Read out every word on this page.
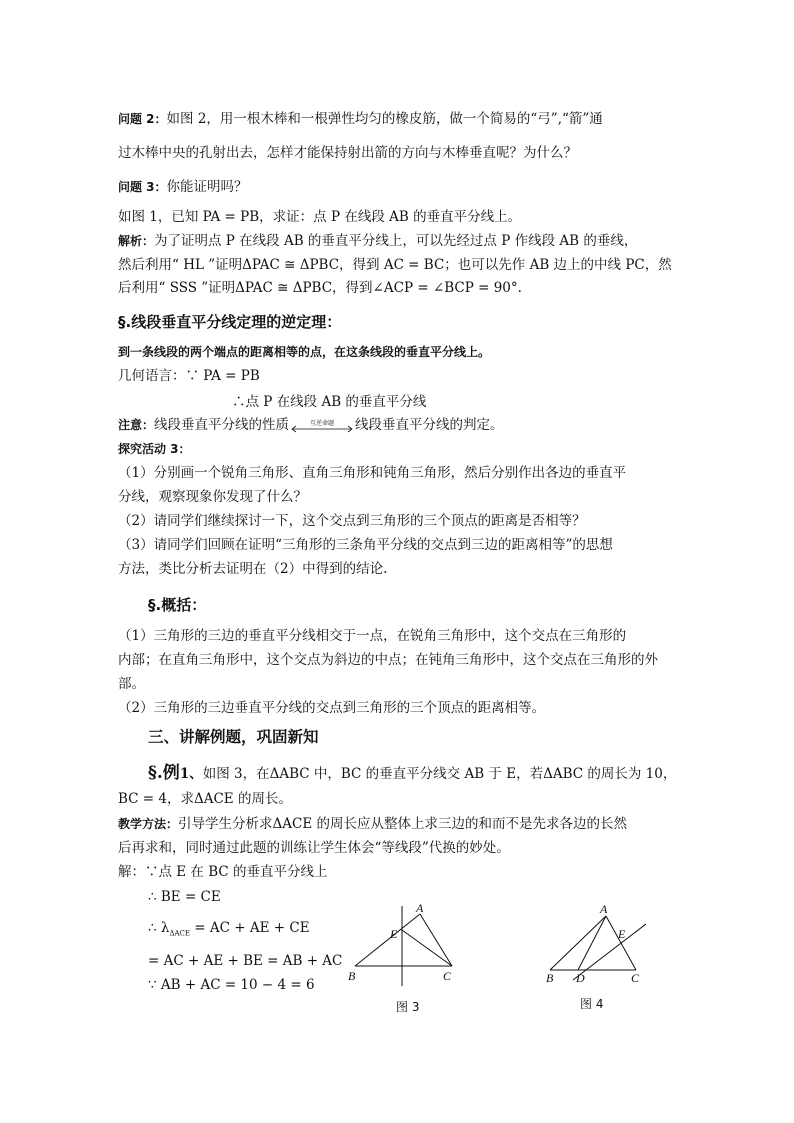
问题 2：如图 2，用一根木棒和一根弹性均匀的橡皮筋，做一个简易的“弓”,“箭”通
过木棒中央的孔射出去，怎样才能保持射出箭的方向与木棒垂直呢？为什么？
问题 3：你能证明吗？
如图 1，已知 PA = PB，求证：点 P 在线段 AB 的垂直平分线上。
解析：为了证明点 P 在线段 AB 的垂直平分线上，可以先经过点 P 作线段 AB 的垂线，
然后利用“ HL ”证明ΔPAC ≅ ΔPBC，得到 AC = BC；也可以先作 AB 边上的中线 PC，然
后利用“ SSS ”证明ΔPAC ≅ ΔPBC，得到∠ACP = ∠BCP = 90°.
§.线段垂直平分线定理的逆定理：
到一条线段的两个端点的距离相等的点，在这条线段的垂直平分线上。
几何语言：∵ PA = PB
∴点 P 在线段 AB 的垂直平分线
注意：线段垂直平分线的性质	互逆命题 线段垂直平分线的判定。
探究活动 3：
（1）分别画一个锐角三角形、直角三角形和钝角三角形，然后分别作出各边的垂直平
分线，观察现象你发现了什么？
（2）请同学们继续探讨一下，这个交点到三角形的三个顶点的距离是否相等？
（3）请同学们回顾在证明“三角形的三条角平分线的交点到三边的距离相等”的思想
方法，类比分析去证明在（2）中得到的结论.
§.概括：
（1）三角形的三边的垂直平分线相交于一点，在锐角三角形中，这个交点在三角形的
内部；在直角三角形中，这个交点为斜边的中点；在钝角三角形中，这个交点在三角形的外
部。
（2）三角形的三边垂直平分线的交点到三角形的三个顶点的距离相等。
三、讲解例题，巩固新知
§.例1、如图 3，在ΔABC 中，BC 的垂直平分线交 AB 于 E，若ΔABC 的周长为 10，
BC = 4，求ΔACE 的周长。
教学方法：引导学生分析求ΔACE 的周长应从整体上求三边的和而不是先求各边的长然
后再求和，同时通过此题的训练让学生体会“等线段”代换的妙处。
解：∵点 E 在 BC 的垂直平分线上
∴ BE = CE
∴ $\lambda_{\Delta ACE}$ = AC + AE + CE
= AC + AE + BE = AB + AC
∵ AB + AC = 10 − 4 = 6
A
E
B	C
图 3
A
E
B D	C
图 4
